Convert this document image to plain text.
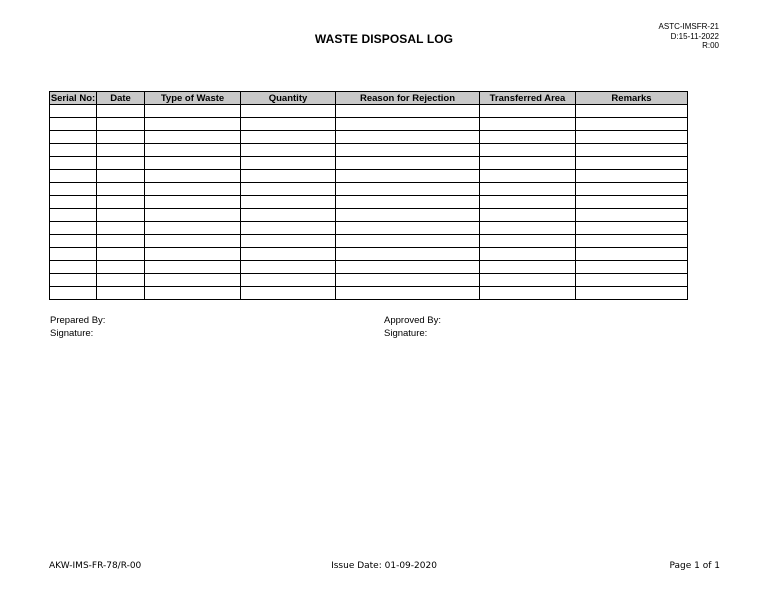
ASTC-IMSFR-21
D:15-11-2022
R:00
WASTE DISPOSAL LOG
Serial No:	Date	Type of Waste	Quantity	Reason for Rejection	Transferred Area	Remarks

Prepared By:
Signature:
Approved By:
Signature:
AKW-IMS-FR-78/R-00	Issue Date: 01-09-2020	Page 1 of 1
